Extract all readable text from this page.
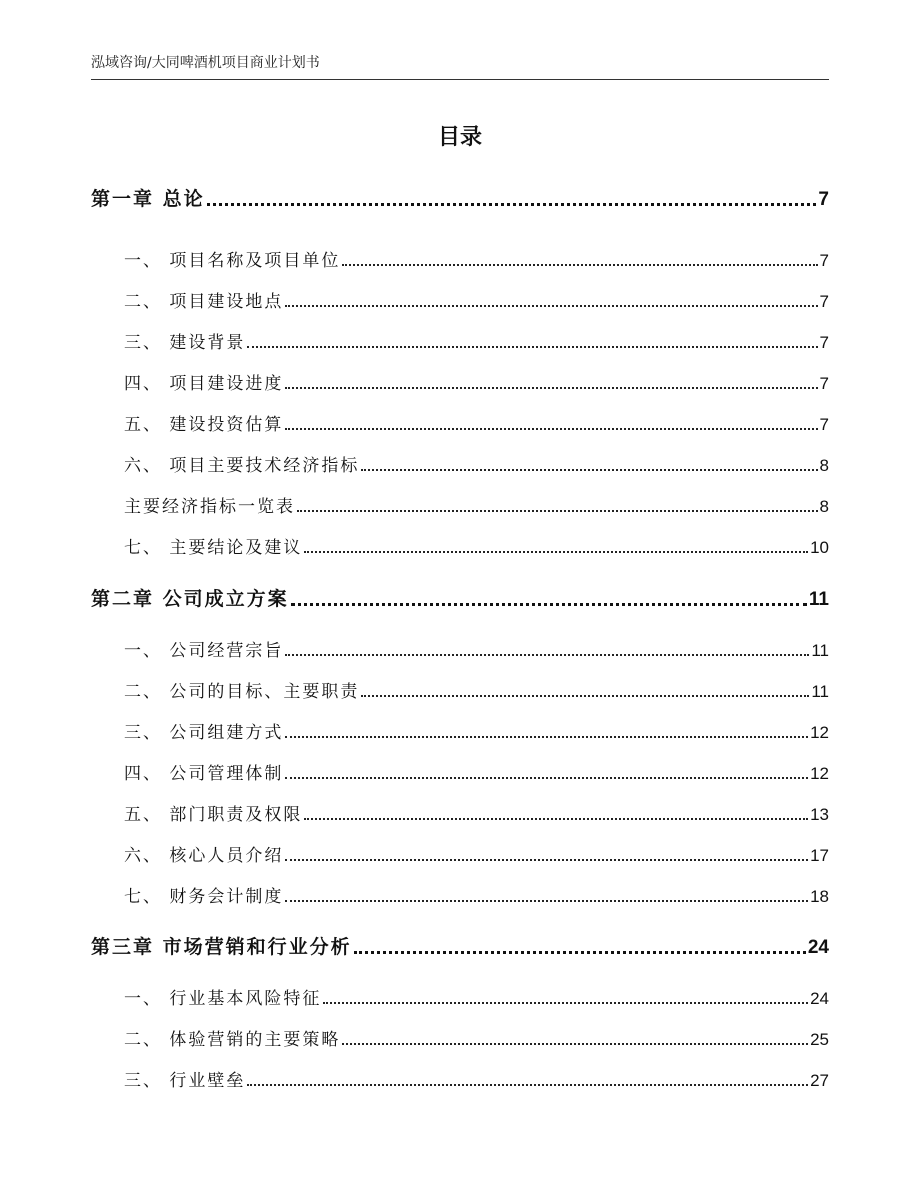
泓域咨询/大同啤酒机项目商业计划书
目录
第一章 总论	7
一、 项目名称及项目单位	7
二、 项目建设地点	7
三、 建设背景	7
四、 项目建设进度	7
五、 建设投资估算	7
六、 项目主要技术经济指标	8
主要经济指标一览表	8
七、 主要结论及建议	10
第二章 公司成立方案	11
一、 公司经营宗旨	11
二、 公司的目标、主要职责	11
三、 公司组建方式	12
四、 公司管理体制	12
五、 部门职责及权限	13
六、 核心人员介绍	17
七、 财务会计制度	18
第三章 市场营销和行业分析	24
一、 行业基本风险特征	24
二、 体验营销的主要策略	25
三、 行业壁垒	27
